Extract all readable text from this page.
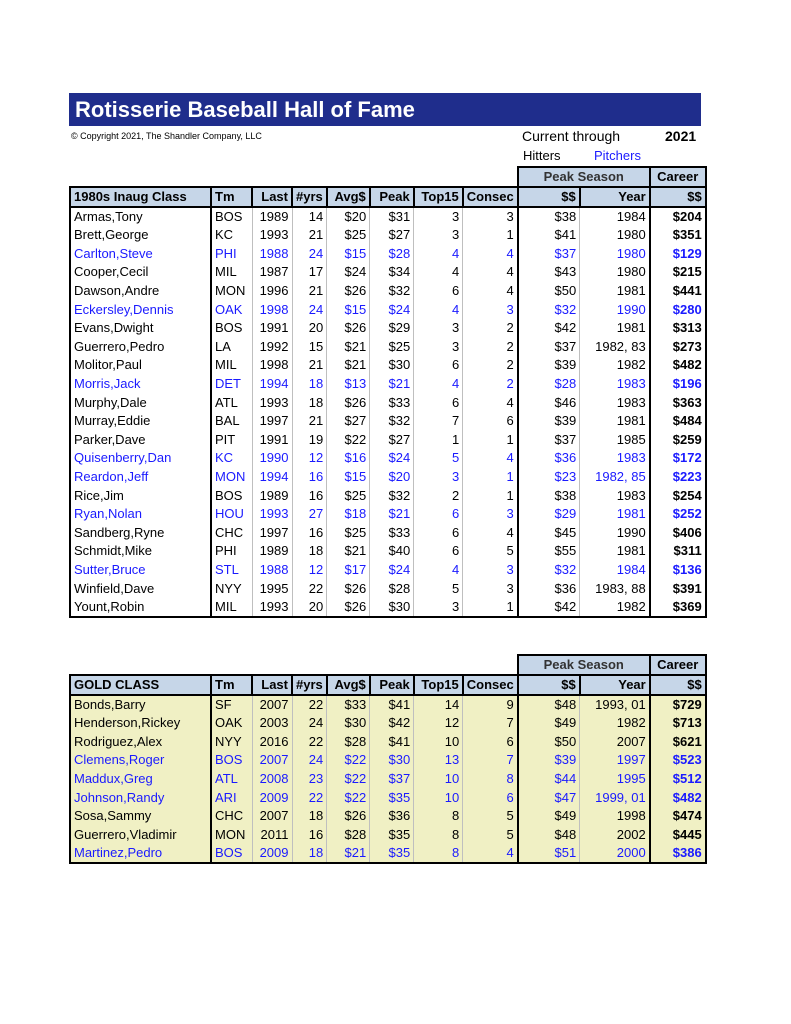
Rotisserie Baseball Hall of Fame
© Copyright 2021, The Shandler Company, LLC	Current through	2021
Hitters	Pitchers
								Peak Season		Career
1980s Inaug Class	Tm	Last	#yrs	Avg$	Peak	Top15	Consec	$$	Year	$$
Armas,Tony	BOS	1989	14	$20	$31	3	3	$38	1984	$204
Brett,George	KC	1993	21	$25	$27	3	1	$41	1980	$351
Carlton,Steve	PHI	1988	24	$15	$28	4	4	$37	1980	$129
Cooper,Cecil	MIL	1987	17	$24	$34	4	4	$43	1980	$215
Dawson,Andre	MON	1996	21	$26	$32	6	4	$50	1981	$441
Eckersley,Dennis	OAK	1998	24	$15	$24	4	3	$32	1990	$280
Evans,Dwight	BOS	1991	20	$26	$29	3	2	$42	1981	$313
Guerrero,Pedro	LA	1992	15	$21	$25	3	2	$37	1982, 83	$273
Molitor,Paul	MIL	1998	21	$21	$30	6	2	$39	1982	$482
Morris,Jack	DET	1994	18	$13	$21	4	2	$28	1983	$196
Murphy,Dale	ATL	1993	18	$26	$33	6	4	$46	1983	$363
Murray,Eddie	BAL	1997	21	$27	$32	7	6	$39	1981	$484
Parker,Dave	PIT	1991	19	$22	$27	1	1	$37	1985	$259
Quisenberry,Dan	KC	1990	12	$16	$24	5	4	$36	1983	$172
Reardon,Jeff	MON	1994	16	$15	$20	3	1	$23	1982, 85	$223
Rice,Jim	BOS	1989	16	$25	$32	2	1	$38	1983	$254
Ryan,Nolan	HOU	1993	27	$18	$21	6	3	$29	1981	$252
Sandberg,Ryne	CHC	1997	16	$25	$33	6	4	$45	1990	$406
Schmidt,Mike	PHI	1989	18	$21	$40	6	5	$55	1981	$311
Sutter,Bruce	STL	1988	12	$17	$24	4	3	$32	1984	$136
Winfield,Dave	NYY	1995	22	$26	$28	5	3	$36	1983, 88	$391
Yount,Robin	MIL	1993	20	$26	$30	3	1	$42	1982	$369
								Peak Season		Career
GOLD CLASS	Tm	Last	#yrs	Avg$	Peak	Top15	Consec	$$	Year	$$
Bonds,Barry	SF	2007	22	$33	$41	14	9	$48	1993, 01	$729
Henderson,Rickey	OAK	2003	24	$30	$42	12	7	$49	1982	$713
Rodriguez,Alex	NYY	2016	22	$28	$41	10	6	$50	2007	$621
Clemens,Roger	BOS	2007	24	$22	$30	13	7	$39	1997	$523
Maddux,Greg	ATL	2008	23	$22	$37	10	8	$44	1995	$512
Johnson,Randy	ARI	2009	22	$22	$35	10	6	$47	1999, 01	$482
Sosa,Sammy	CHC	2007	18	$26	$36	8	5	$49	1998	$474
Guerrero,Vladimir	MON	2011	16	$28	$35	8	5	$48	2002	$445
Martinez,Pedro	BOS	2009	18	$21	$35	8	4	$51	2000	$386
